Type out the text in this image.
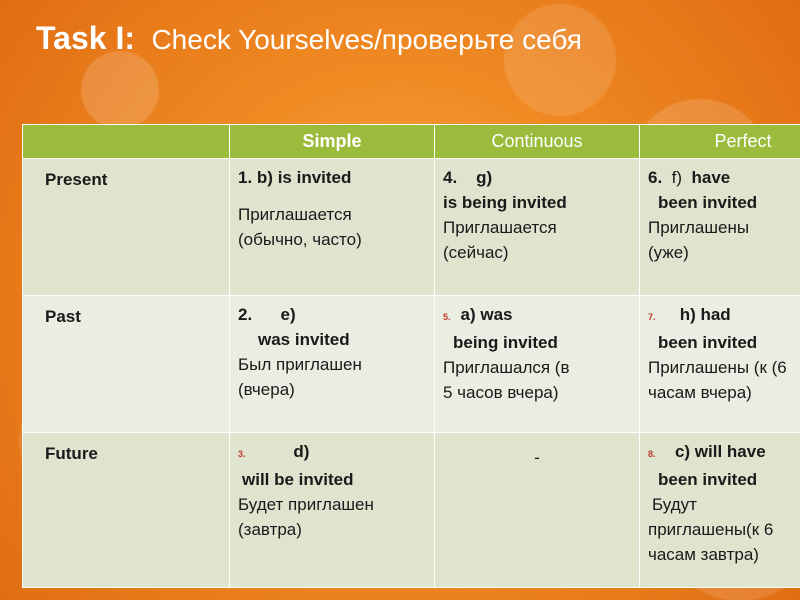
Task I: Check Yourselves/проверьте себя
	Simple	Continuous	Perfect
Present	1. b) is invited
Приглашается
(обычно, часто)	4. g)
is being invited
Приглашается
(сейчас)	6. f) have
been invited
Приглашены
(уже)

Past	2. e)
was invited
Был приглашен
(вчера)	5. a) was
being invited
Приглашался (в
5 часов вчера)	7. h) had
been invited
Приглашены (к (6
часам вчера)

Future	3. d)
will be invited
Будет приглашен
(завтра)	-	8. c) will have
been invited
Будут
приглашены(к 6
часам завтра)
